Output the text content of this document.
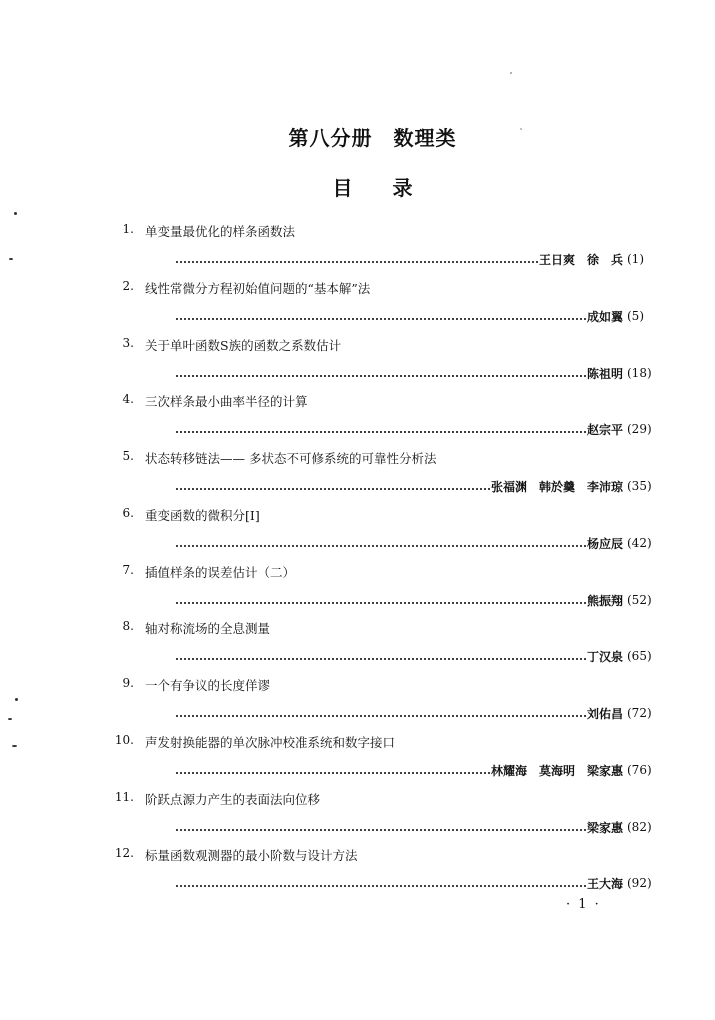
第八分册　数理类
目　　录
1. 单变量最优化的样条函数法
王日爽　徐　兵 (1)
2. 线性常微分方程初始值问题的“基本解”法
成如翼 (5)
3. 关于单叶函数S族的函数之系数估计
陈祖明 (18)
4. 三次样条最小曲率半径的计算
赵宗平 (29)
5. 状态转移链法—— 多状态不可修系统的可靠性分析法
张福渊　韩於羹　李沛琼 (35)
6. 重变函数的微积分[Ⅰ]
杨应辰 (42)
7. 插值样条的误差估计（二）
熊振翔 (52)
8. 轴对称流场的全息测量
丁汉泉 (65)
9. 一个有争议的长度佯谬
刘佑昌 (72)
10. 声发射换能器的单次脉冲校准系统和数字接口
林耀海　莫海明　梁家惠 (76)
11. 阶跃点源力产生的表面法向位移
梁家惠 (82)
12. 标量函数观测器的最小阶数与设计方法
王大海 (92)
· 1 ·
